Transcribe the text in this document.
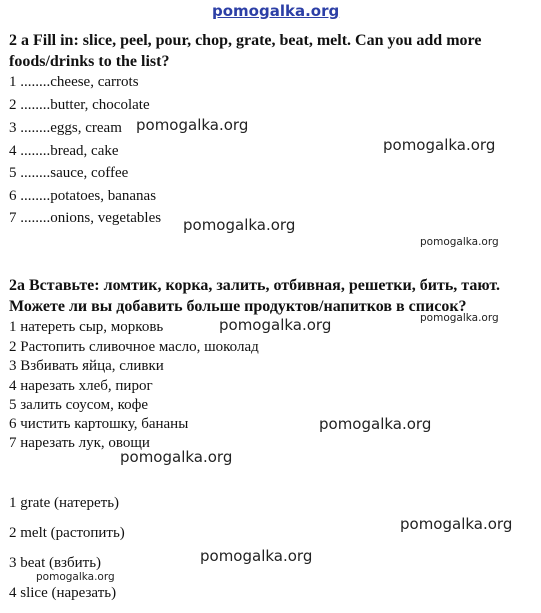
pomogalka.org
2 a Fill in: slice, peel, pour, chop, grate, beat, melt. Can you add more
foods/drinks to the list?
1 ........cheese, carrots
2 ........butter, chocolate
3 ........eggs, cream
4 ........bread, cake
5 ........sauce, coffee
6 ........potatoes, bananas
7 ........onions, vegetables
2а Вставьте: ломтик, корка, залить, отбивная, решетки, бить, тают.
Можете ли вы добавить больше продуктов/напитков в список?
1 натереть сыр, морковь
2 Растопить сливочное масло, шоколад
3 Взбивать яйца, сливки
4 нарезать хлеб, пирог
5 залить соусом, кофе
6 чистить картошку, бананы
7 нарезать лук, овощи
1 grate (натереть)
2 melt (растопить)
3 beat (взбить)
4 slice (нарезать)
pomogalka.org
pomogalka.org
pomogalka.org
pomogalka.org
pomogalka.org
pomogalka.org
pomogalka.org
pomogalka.org
pomogalka.org
pomogalka.org
pomogalka.org
